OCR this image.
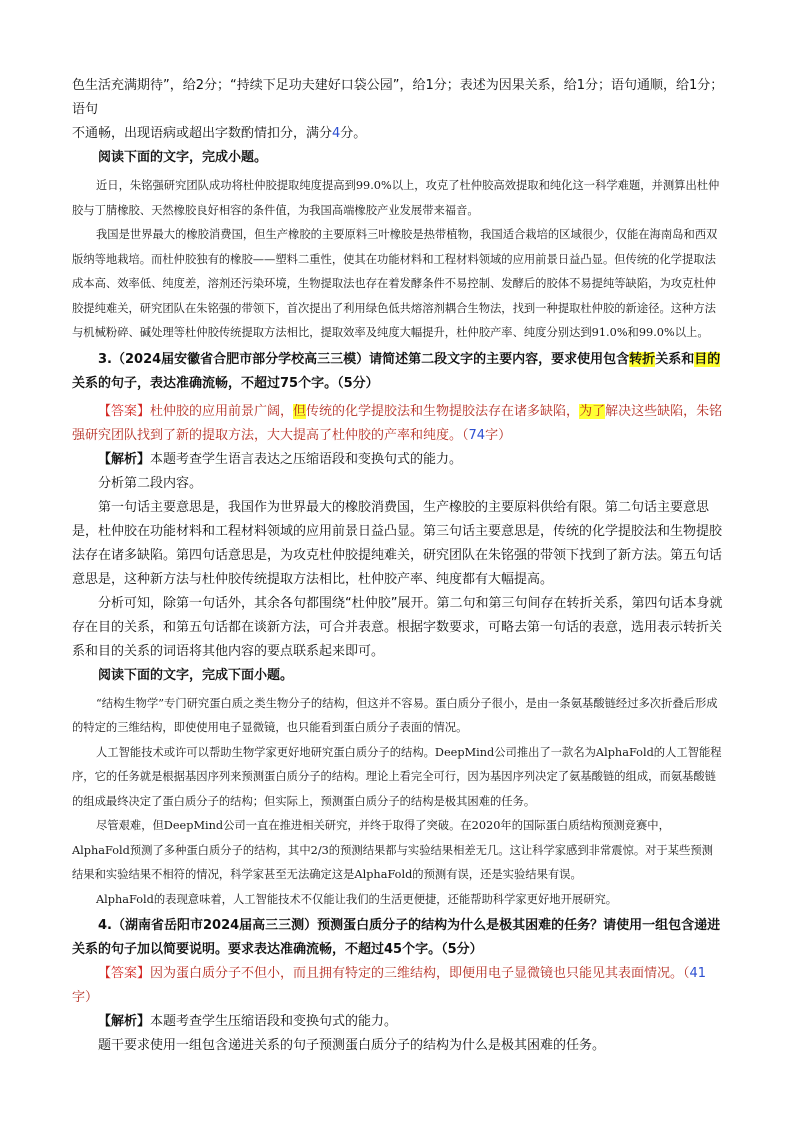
色生活充满期待”，给2分；“持续下足功夫建好口袋公园”，给1分；表述为因果关系，给1分；语句通顺，给1分；语句

不通畅，出现语病或超出字数酌情扣分，满分4分。

阅读下面的文字，完成小题。

近日，朱铭强研究团队成功将杜仲胶提取纯度提高到99.0%以上，攻克了杜仲胶高效提取和纯化这一科学难题，并测算出杜仲胶与丁腈橡胶、天然橡胶良好相容的条件值，为我国高端橡胶产业发展带来福音。

我国是世界最大的橡胶消费国，但生产橡胶的主要原料三叶橡胶是热带植物，我国适合栽培的区域很少，仅能在海南岛和西双版纳等地栽培。而杜仲胶独有的橡胶——塑料二重性，使其在功能材料和工程材料领域的应用前景日益凸显。但传统的化学提取法成本高、效率低、纯度差，溶剂还污染环境，生物提取法也存在着发酵条件不易控制、发酵后的胶体不易提纯等缺陷，为攻克杜仲胶提纯难关，研究团队在朱铭强的带领下，首次提出了利用绿色低共熔溶剂耦合生物法，找到一种提取杜仲胶的新途径。这种方法与机械粉碎、碱处理等杜仲胶传统提取方法相比，提取效率及纯度大幅提升，杜仲胶产率、纯度分别达到91.0%和99.0%以上。

3.（2024届安徽省合肥市部分学校高三三模）请简述第二段文字的主要内容，要求使用包含转折关系和目的关系的句子，表达准确流畅，不超过75个字。（5分）

【答案】杜仲胶的应用前景广阔，但传统的化学提胶法和生物提胶法存在诸多缺陷，为了解决这些缺陷，朱铭强研究团队找到了新的提取方法，大大提高了杜仲胶的产率和纯度。（74字）

【解析】本题考查学生语言表达之压缩语段和变换句式的能力。

分析第二段内容。

第一句话主要意思是，我国作为世界最大的橡胶消费国，生产橡胶的主要原料供给有限。第二句话主要意思是，杜仲胶在功能材料和工程材料领域的应用前景日益凸显。第三句话主要意思是，传统的化学提胶法和生物提胶法存在诸多缺陷。第四句话意思是，为攻克杜仲胶提纯难关，研究团队在朱铭强的带领下找到了新方法。第五句话意思是，这种新方法与杜仲胶传统提取方法相比，杜仲胶产率、纯度都有大幅提高。

分析可知，除第一句话外，其余各句都围绕“杜仲胶”展开。第二句和第三句间存在转折关系，第四句话本身就存在目的关系，和第五句话都在谈新方法，可合并表意。根据字数要求，可略去第一句话的表意，选用表示转折关系和目的关系的词语将其他内容的要点联系起来即可。

阅读下面的文字，完成下面小题。

“结构生物学”专门研究蛋白质之类生物分子的结构，但这并不容易。蛋白质分子很小，是由一条氨基酸链经过多次折叠后形成的特定的三维结构，即使使用电子显微镜，也只能看到蛋白质分子表面的情况。

人工智能技术或许可以帮助生物学家更好地研究蛋白质分子的结构。DeepMind公司推出了一款名为AlphaFold的人工智能程序，它的任务就是根据基因序列来预测蛋白质分子的结构。理论上看完全可行，因为基因序列决定了氨基酸链的组成，而氨基酸链的组成最终决定了蛋白质分子的结构；但实际上，预测蛋白质分子的结构是极其困难的任务。

尽管艰难，但DeepMind公司一直在推进相关研究，并终于取得了突破。在2020年的国际蛋白质结构预测竞赛中，AlphaFold预测了多种蛋白质分子的结构，其中2/3的预测结果都与实验结果相差无几。这让科学家感到非常震惊。对于某些预测结果和实验结果不相符的情况，科学家甚至无法确定这是AlphaFold的预测有误，还是实验结果有误。

AlphaFold的表现意味着，人工智能技术不仅能让我们的生活更便捷，还能帮助科学家更好地开展研究。

4.（湖南省岳阳市2024届高三三测）预测蛋白质分子的结构为什么是极其困难的任务？请使用一组包含递进关系的句子加以简要说明。要求表达准确流畅，不超过45个字。（5分）

【答案】因为蛋白质分子不但小，而且拥有特定的三维结构，即便用电子显微镜也只能见其表面情况。（41字）

【解析】本题考查学生压缩语段和变换句式的能力。

题干要求使用一组包含递进关系的句子预测蛋白质分子的结构为什么是极其困难的任务。
